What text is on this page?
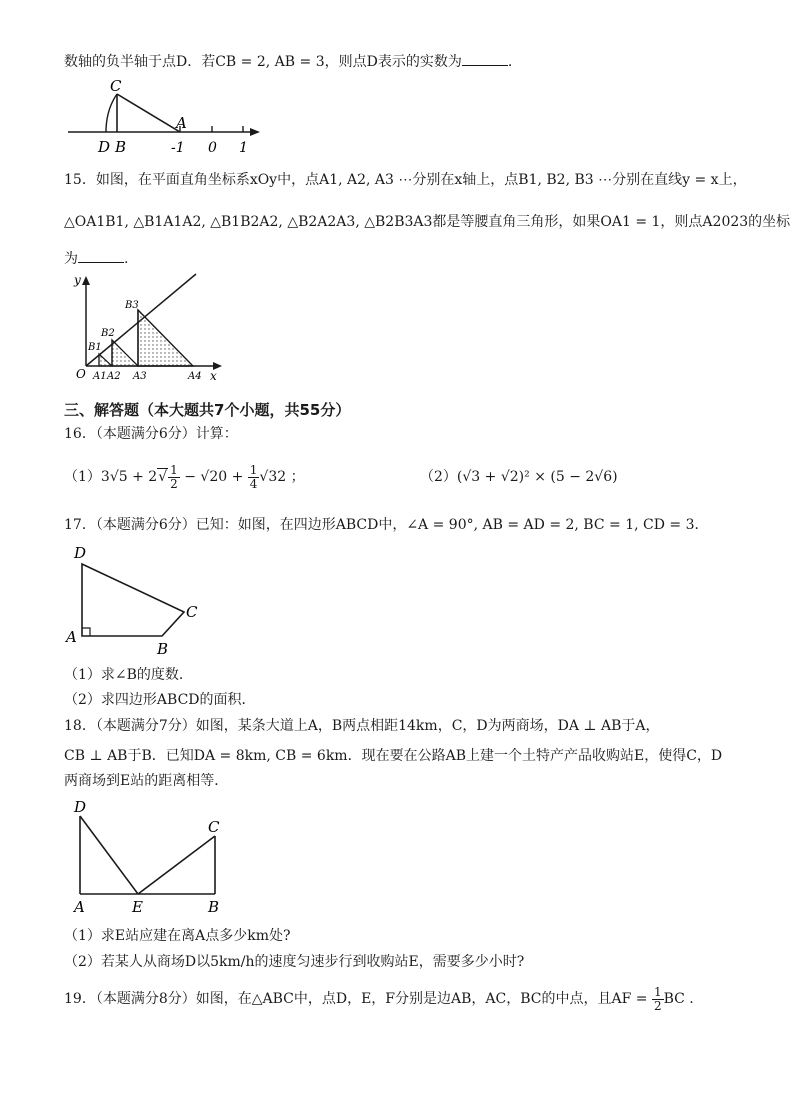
数轴的负半轴于点D．若CB = 2, AB = 3，则点D表示的实数为	.
C
D B
A
-1 0 1
15．如图，在平面直角坐标系xOy中，点A1, A2, A3 ⋯分别在x轴上，点B1, B2, B3 ⋯分别在直线y = x上，
△OA1B1, △B1A1A2, △B1B2A2, △B2A2A3, △B2B3A3都是等腰直角三角形，如果OA1 = 1，则点A2023的坐标
为	.
y
x
O A1 A2 A3	A4
B1
B2
B3
三、解答题（本大题共7个小题，共55分）
16．（本题满分6分）计算：
$(1)3√5 + 2√ \frac{1}{2} - √20 + \frac{1}{4} √32$ ；	（2）(√3 + √2)² × (5 − 2√6)
17．（本题满分6分）已知：如图，在四边形ABCD中，∠A = 90°, AB = AD = 2, BC = 1, CD = 3．
D
C
A
B
（1）求∠B的度数．
（2）求四边形ABCD的面积．
18．（本题满分7分）如图，某条大道上A，B两点相距14km，C，D为两商场，DA ⊥ AB于A，
CB ⊥ AB于B．已知DA = 8km, CB = 6km．现在要在公路AB上建一个土特产产品收购站E，使得C，D
两商场到E站的距离相等．
D
C
A	E	B
（1）求E站应建在离A点多少km处?
（2）若某人从商场D以5km/h的速度匀速步行到收购站E，需要多少小时?
19．（本题满分8分）如图，在△ABC中，点D，E，F分别是边AB，AC，BC的中点，且AF = $\frac{1}{2}$ BC .
